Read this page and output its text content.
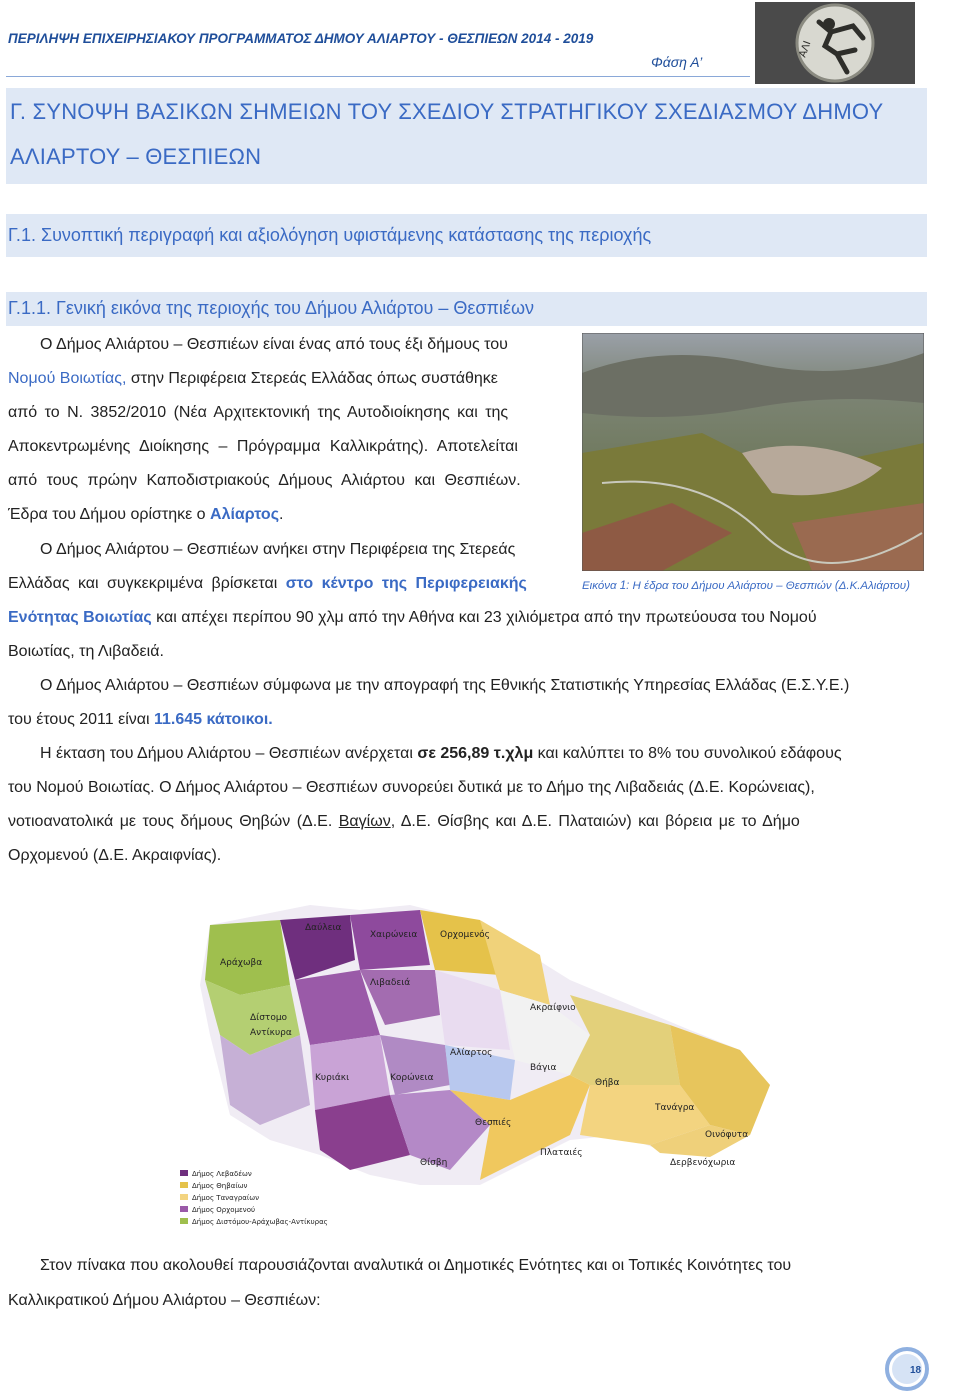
ΠΕΡΙΛΗΨΗ ΕΠΙΧΕΙΡΗΣΙΑΚΟΥ ΠΡΟΓΡΑΜΜΑΤΟΣ ΔΗΜΟΥ ΑΛΙΑΡΤΟΥ - ΘΕΣΠΙΕΩΝ 2014 - 2019
Φάση Α’
AΛI
Γ. ΣΥΝΟΨΗ ΒΑΣΙΚΩΝ ΣΗΜΕΙΩΝ ΤΟΥ ΣΧΕΔΙΟΥ ΣΤΡΑΤΗΓΙΚΟΥ ΣΧΕΔΙΑΣΜΟΥ ΔΗΜΟΥ
ΑΛΙΑΡΤΟΥ – ΘΕΣΠΙΕΩΝ
Γ.1. Συνοπτική περιγραφή και αξιολόγηση υφιστάμενης κατάστασης της περιοχής
Γ.1.1. Γενική εικόνα της περιοχής του Δήμου Αλιάρτου – Θεσπιέων
Ο Δήμος Αλιάρτου – Θεσπιέων είναι ένας από τους έξι δήμους του
Νομού Βοιωτίας, στην Περιφέρεια Στερεάς Ελλάδας όπως συστάθηκε
από το Ν. 3852/2010 (Νέα Αρχιτεκτονική της Αυτοδιοίκησης και της
Αποκεντρωμένης Διοίκησης – Πρόγραμμα Καλλικράτης). Αποτελείται
από τους πρώην Καποδιστριακούς Δήμους Αλιάρτου και Θεσπιέων.
Έδρα του Δήμου ορίστηκε ο Αλίαρτος.
Ο Δήμος Αλιάρτου – Θεσπιέων ανήκει στην Περιφέρεια της Στερεάς
Ελλάδας και συγκεκριμένα βρίσκεται στο κέντρο της Περιφερειακής
Ενότητας Βοιωτίας και απέχει περίπου 90 χλμ από την Αθήνα και 23 χιλιόμετρα από την πρωτεύουσα του Νομού
Βοιωτίας, τη Λιβαδειά.
Εικόνα 1: Η έδρα του Δήμου Αλιάρτου – Θεσπιών (Δ.Κ.Αλιάρτου)
Ο Δήμος Αλιάρτου – Θεσπιέων σύμφωνα με την απογραφή της Εθνικής Στατιστικής Υπηρεσίας Ελλάδας (Ε.Σ.Υ.Ε.)
του έτους 2011 είναι 11.645 κάτοικοι.
Η έκταση του Δήμου Αλιάρτου – Θεσπιέων ανέρχεται σε 256,89 τ.χλμ και καλύπτει το 8% του συνολικού εδάφους
του Νομού Βοιωτίας. Ο Δήμος Αλιάρτου – Θεσπιέων συνορεύει δυτικά με το Δήμο της Λιβαδειάς (Δ.Ε. Κορώνειας),
νοτιοανατολικά με τους δήμους Θηβών (Δ.Ε. Βαγίων, Δ.Ε. Θίσβης και Δ.Ε. Πλαταιών) και βόρεια με το Δήμο
Ορχομενού (Δ.Ε. Ακραιφνίας).
Δαύλεια
Χαιρώνεια	Ορχομενός
Αράχωβα
Λιβαδειά
Ακραίφνιο
Δίστομο
Αντίκυρα
Αλίαρτος
Κυριάκι	Κορώνεια
Βάγια
Θήβα
Θεσπιές
Τανάγρα
Θίσβη
Πλαταιές
Οινόφυτα
Δερβενόχωρια
Δήμος Λεβαδέων
Δήμος Θηβαίων
Δήμος Ταναγραίων
Δήμος Ορχομενού
Δήμος Διστόμου-Αράχωβας-Αντίκυρας
Στον πίνακα που ακολουθεί παρουσιάζονται αναλυτικά οι Δημοτικές Ενότητες και οι Τοπικές Κοινότητες του
Καλλικρατικού Δήμου Αλιάρτου – Θεσπιέων:
18
